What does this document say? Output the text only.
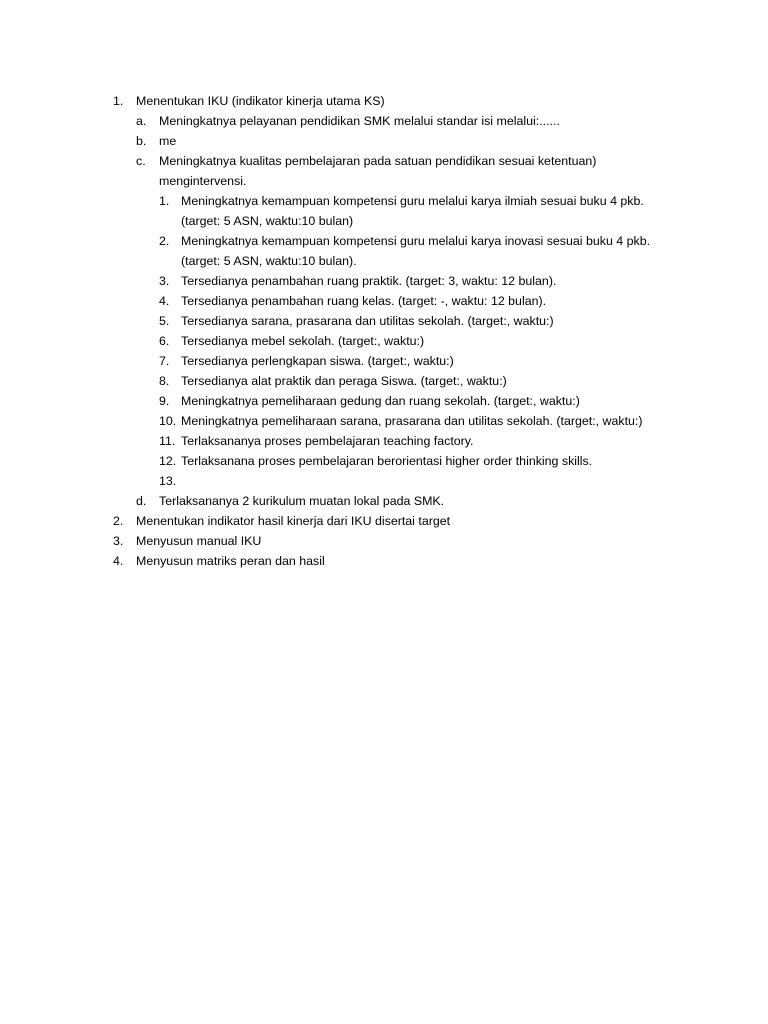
1. Menentukan IKU (indikator kinerja utama KS)
a. Meningkatnya pelayanan pendidikan SMK melalui standar isi melalui:......
b. me
c. Meningkatnya kualitas pembelajaran pada satuan pendidikan sesuai ketentuan)
mengintervensi.
1. Meningkatnya kemampuan kompetensi guru melalui karya ilmiah sesuai buku 4 pkb.
(target: 5 ASN, waktu:10 bulan)
2. Meningkatnya kemampuan kompetensi guru melalui karya inovasi sesuai buku 4 pkb.
(target: 5 ASN, waktu:10 bulan).
3. Tersedianya penambahan ruang praktik. (target: 3, waktu: 12 bulan).
4. Tersedianya penambahan ruang kelas. (target: -, waktu: 12 bulan).
5. Tersedianya sarana, prasarana dan utilitas sekolah. (target:, waktu:)
6. Tersedianya mebel sekolah. (target:, waktu:)
7. Tersedianya perlengkapan siswa. (target:, waktu:)
8. Tersedianya alat praktik dan peraga Siswa. (target:, waktu:)
9. Meningkatnya pemeliharaan gedung dan ruang sekolah. (target:, waktu:)
10. Meningkatnya pemeliharaan sarana, prasarana dan utilitas sekolah. (target:, waktu:)
11. Terlaksananya proses pembelajaran teaching factory.
12. Terlaksanana proses pembelajaran berorientasi higher order thinking skills.
13.
d. Terlaksananya 2 kurikulum muatan lokal pada SMK.
2. Menentukan indikator hasil kinerja dari IKU disertai target
3. Menyusun manual IKU
4. Menyusun matriks peran dan hasil
